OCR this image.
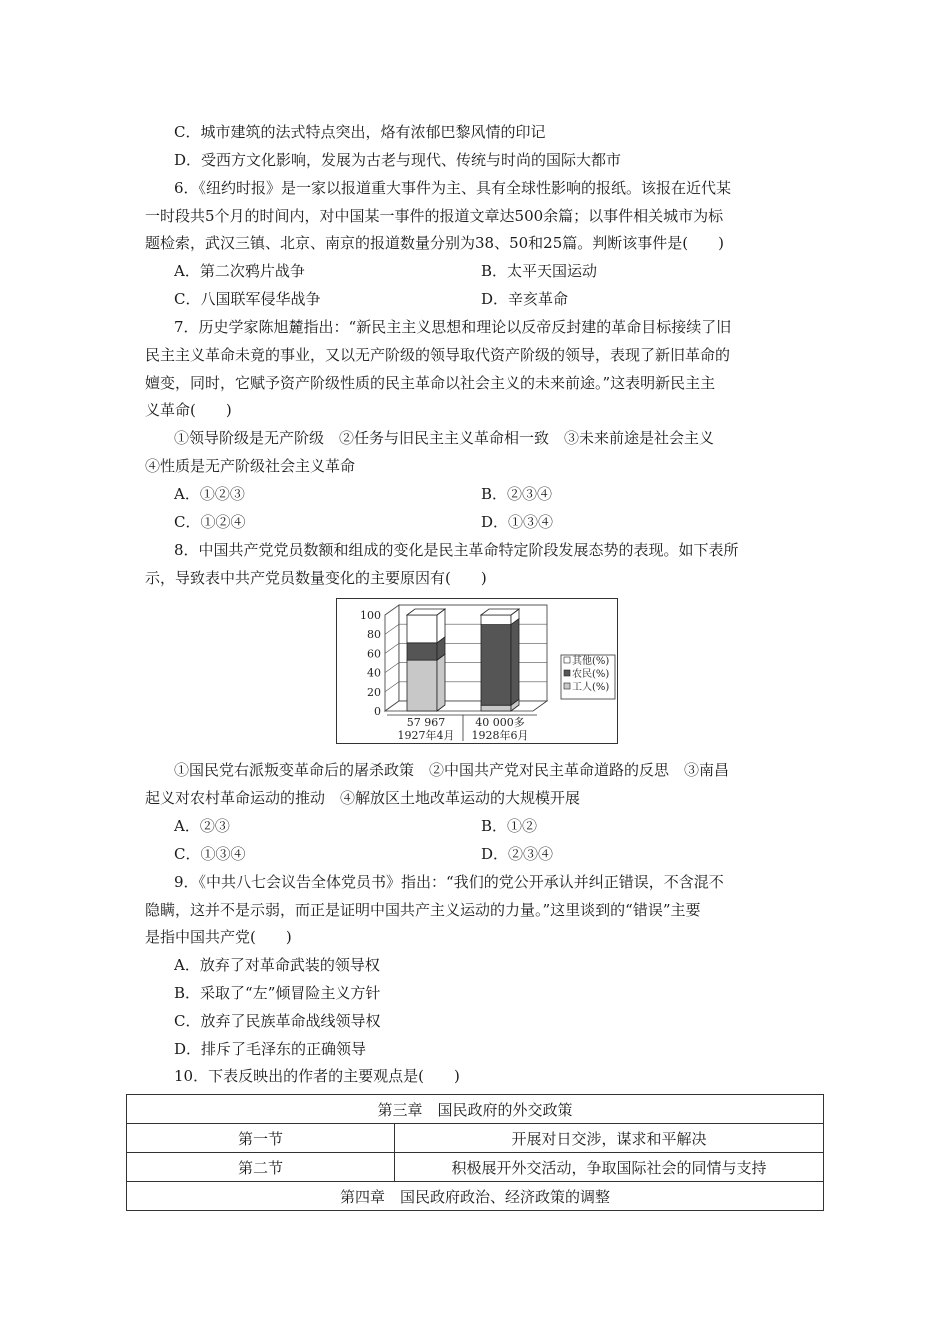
C．城市建筑的法式特点突出，烙有浓郁巴黎风情的印记
D．受西方文化影响，发展为古老与现代、传统与时尚的国际大都市
6．《纽约时报》是一家以报道重大事件为主、具有全球性影响的报纸。该报在近代某
一时段共5个月的时间内，对中国某一事件的报道文章达500余篇；以事件相关城市为标
题检索，武汉三镇、北京、南京的报道数量分别为38、50和25篇。判断该事件是(　　)
A．第二次鸦片战争	B．太平天国运动
C．八国联军侵华战争	D．辛亥革命
7．历史学家陈旭麓指出：“新民主主义思想和理论以反帝反封建的革命目标接续了旧
民主主义革命未竟的事业，又以无产阶级的领导取代资产阶级的领导，表现了新旧革命的
嬗变，同时，它赋予资产阶级性质的民主革命以社会主义的未来前途。”这表明新民主主
义革命(　　)
①领导阶级是无产阶级　②任务与旧民主主义革命相一致　③未来前途是社会主义
④性质是无产阶级社会主义革命
A．①②③	B．②③④
C．①②④	D．①③④
8．中国共产党党员数额和组成的变化是民主革命特定阶段发展态势的表现。如下表所
示，导致表中共产党员数量变化的主要原因有(　　)
0
20
40
60
80
100
57 967
1927年4月
40 000多
1928年6月
其他(%)
农民(%)
工人(%)
①国民党右派叛变革命后的屠杀政策　②中国共产党对民主革命道路的反思　③南昌
起义对农村革命运动的推动　④解放区土地改革运动的大规模开展
A．②③	B．①②
C．①③④	D．②③④
9．《中共八七会议告全体党员书》指出：“我们的党公开承认并纠正错误，不含混不
隐瞒，这并不是示弱，而正是证明中国共产主义运动的力量。”这里谈到的“错误”主要
是指中国共产党(　　)
A．放弃了对革命武装的领导权
B．采取了“左”倾冒险主义方针
C．放弃了民族革命战线领导权
D．排斥了毛泽东的正确领导
10．下表反映出的作者的主要观点是(　　)
第三章　国民政府的外交政策	
第一节	开展对日交涉，谋求和平解决
第二节	积极展开外交活动，争取国际社会的同情与支持
第四章　国民政府政治、经济政策的调整	
